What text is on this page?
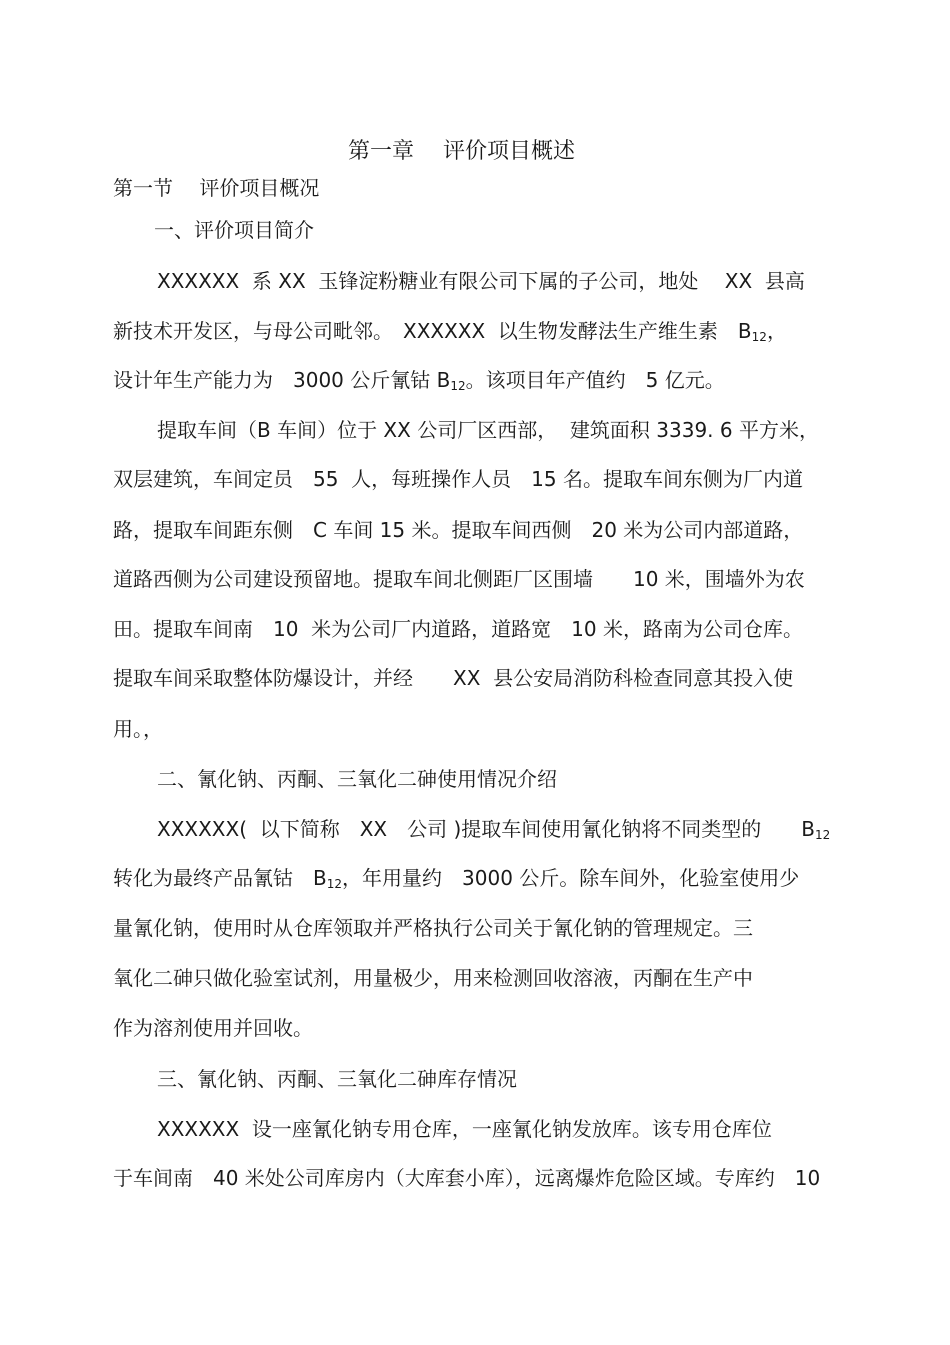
第一章　 评价项目概述
第一节　 评价项目概况
一、评价项目简介
XXXXXX  系 XX  玉锋淀粉糖业有限公司下属的子公司，地处　 XX  县高
新技术开发区，与母公司毗邻。　XXXXXX  以生物发酵法生产维生素　$B_{12}$，
设计年生产能力为　3000 公斤氰钴 $B_{12}$。该项目年产值约　5 亿元。
提取车间（B 车间）位于 XX 公司厂区西部，  建筑面积 3339. 6 平方米，
双层建筑，车间定员　55  人，每班操作人员　15 名。提取车间东侧为厂内道
路，提取车间距东侧　C 车间 15 米。提取车间西侧　20 米为公司内部道路，
道路西侧为公司建设预留地。提取车间北侧距厂区围墙　　10 米，围墙外为农
田。提取车间南　10  米为公司厂内道路，道路宽　10 米，路南为公司仓库。
提取车间采取整体防爆设计，并经　　XX  县公安局消防科检查同意其投入使
用。，
二、氰化钠、丙酮、三氧化二砷使用情况介绍
XXXXXX(  以下简称　XX　公司 )提取车间使用氰化钠将不同类型的　　$B_{12}$
转化为最终产品氰钴　$B_{12}$，年用量约　3000 公斤。除车间外，化验室使用少
量氰化钠，使用时从仓库领取并严格执行公司关于氰化钠的管理规定。三
氧化二砷只做化验室试剂，用量极少，用来检测回收溶液，丙酮在生产中
作为溶剂使用并回收。
三、氰化钠、丙酮、三氧化二砷库存情况
XXXXXX  设一座氰化钠专用仓库，一座氰化钠发放库。该专用仓库位
于车间南　40 米处公司库房内（大库套小库），远离爆炸危险区域。专库约　10
